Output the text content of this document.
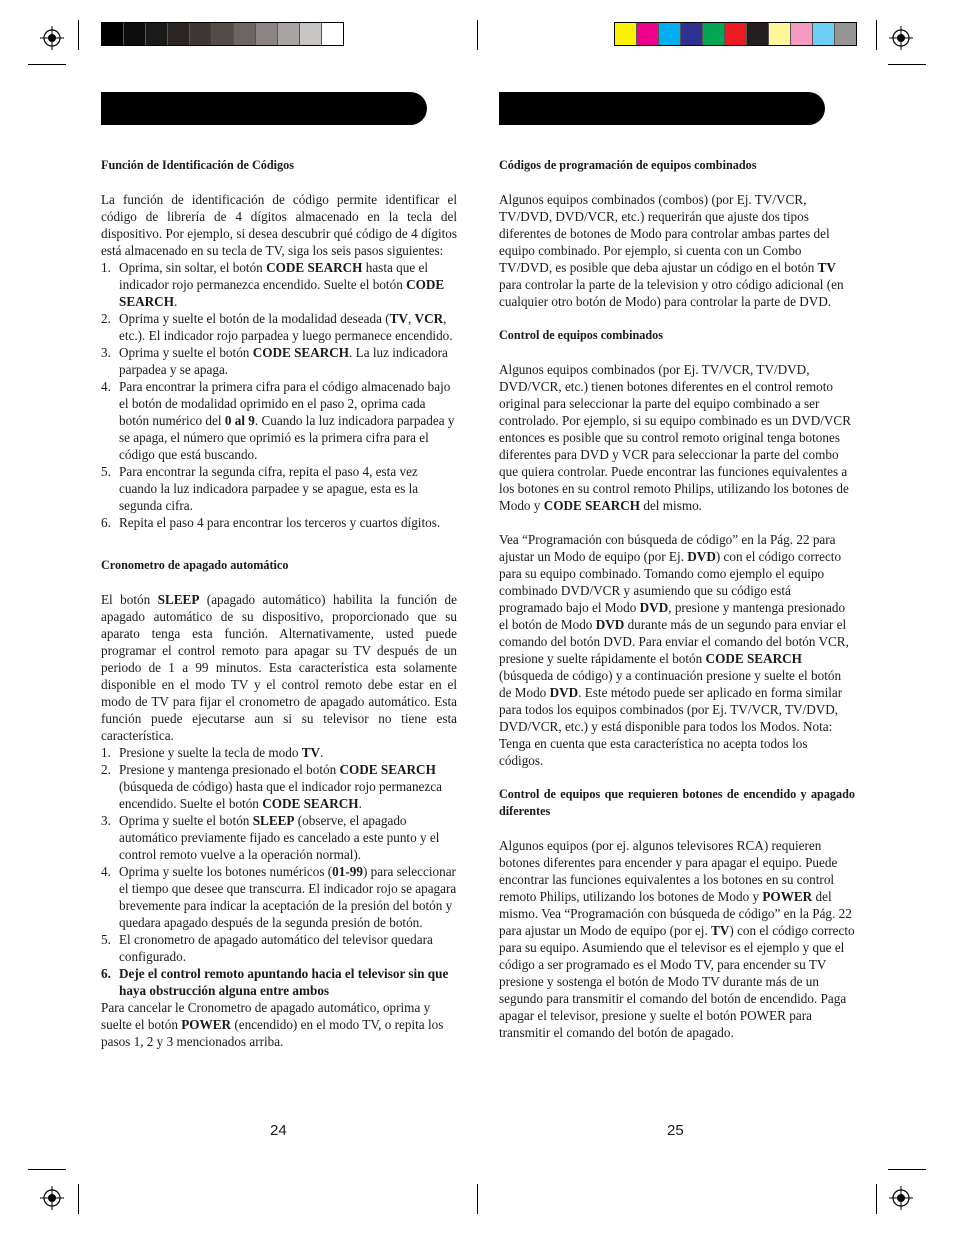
Función de Identificación de Códigos

La función de identificación de código permite identificar el código de librería de 4 dígitos almacenado en la tecla del dispositivo. Por ejemplo, si desea descubrir qué código de 4 dígitos está almacenado en su tecla de TV, siga los seis pasos siguientes:

1. Oprima, sin soltar, el botón CODE SEARCH hasta que el indicador rojo permanezca encendido. Suelte el botón CODE SEARCH.
2. Oprima y suelte el botón de la modalidad deseada (TV, VCR, etc.). El indicador rojo parpadea y luego permanece encendido.
3. Oprima y suelte el botón CODE SEARCH. La luz indicadora parpadea y se apaga.
4. Para encontrar la primera cifra para el código almacenado bajo el botón de modalidad oprimido en el paso 2, oprima cada botón numérico del 0 al 9. Cuando la luz indicadora parpadea y se apaga, el número que oprimió es la primera cifra para el código que está buscando.
5. Para encontrar la segunda cifra, repita el paso 4, esta vez cuando la luz indicadora parpadee y se apague, esta es la segunda cifra.
6. Repita el paso 4 para encontrar los terceros y cuartos dígitos.
Cronometro de apagado automático

El botón SLEEP (apagado automático) habilita la función de apagado automático de su dispositivo, proporcionado que su aparato tenga esta función. Alternativamente, usted puede programar el control remoto para apagar su TV después de un periodo de 1 a 99 minutos. Esta característica esta solamente disponible en el modo TV y el control remoto debe estar en el modo de TV para fijar el cronometro de apagado automático. Esta función puede ejecutarse aun si su televisor no tiene esta característica.

1. Presione y suelte la tecla de modo TV.
2. Presione y mantenga presionado el botón CODE SEARCH (búsqueda de código) hasta que el indicador rojo permanezca encendido. Suelte el botón CODE SEARCH.
3. Oprima y suelte el botón SLEEP (observe, el apagado automático previamente fijado es cancelado a este punto y el control remoto vuelve a la operación normal).
4. Oprima y suelte los botones numéricos (01-99) para seleccionar el tiempo que desee que transcurra. El indicador rojo se apagara brevemente para indicar la aceptación de la presión del botón y quedara apagado después de la segunda presión de botón.
5. El cronometro de apagado automático del televisor quedara configurado.
6. Deje el control remoto apuntando hacia el televisor sin que haya obstrucción alguna entre ambos

Para cancelar le Cronometro de apagado automático, oprima y suelte el botón POWER (encendido) en el modo TV, o repita los pasos 1, 2 y 3 mencionados arriba.

24
Códigos de programación de equipos combinados

Algunos equipos combinados (combos) (por Ej. TV/VCR, TV/DVD, DVD/VCR, etc.) requerirán que ajuste dos tipos diferentes de botones de Modo para controlar ambas partes del equipo combinado. Por ejemplo, si cuenta con un Combo TV/DVD, es posible que deba ajustar un código en el botón TV para controlar la parte de la television y otro código adicional (en cualquier otro botón de Modo) para controlar la parte de DVD.

Control de equipos combinados

Algunos equipos combinados (por Ej. TV/VCR, TV/DVD, DVD/VCR, etc.) tienen botones diferentes en el control remoto original para seleccionar la parte del equipo combinado a ser controlado. Por ejemplo, si su equipo combinado es un DVD/VCR entonces es posible que su control remoto original tenga botones diferentes para DVD y VCR para seleccionar la parte del combo que quiera controlar. Puede encontrar las funciones equivalentes a los botones en su control remoto Philips, utilizando los botones de Modo y CODE SEARCH del mismo.

Vea “Programación con búsqueda de código” en la Pág. 22 para ajustar un Modo de equipo (por Ej. DVD) con el código correcto para su equipo combinado. Tomando como ejemplo el equipo combinado DVD/VCR y asumiendo que su código está programado bajo el Modo DVD, presione y mantenga presionado el botón de Modo DVD durante más de un segundo para enviar el comando del botón DVD. Para enviar el comando del botón VCR, presione y suelte rápidamente el botón CODE SEARCH (búsqueda de código) y a continuación presione y suelte el botón de Modo DVD. Este método puede ser aplicado en forma similar para todos los equipos combinados (por Ej. TV/VCR, TV/DVD, DVD/VCR, etc.) y está disponible para todos los Modos. Nota: Tenga en cuenta que esta característica no acepta todos los códigos.

Control de equipos que requieren botones de encendido y apagado diferentes

Algunos equipos (por ej. algunos televisores RCA) requieren botones diferentes para encender y para apagar el equipo. Puede encontrar las funciones equivalentes a los botones en su control remoto Philips, utilizando los botones de Modo y POWER del mismo. Vea “Programación con búsqueda de código” en la Pág. 22 para ajustar un Modo de equipo (por ej. TV) con el código correcto para su equipo. Asumiendo que el televisor es el ejemplo y que el código a ser programado es el Modo TV, para encender su TV presione y sostenga el botón de Modo TV durante más de un segundo para transmitir el comando del botón de encendido. Paga apagar el televisor, presione y suelte el botón POWER para transmitir el comando del botón de apagado.

25
